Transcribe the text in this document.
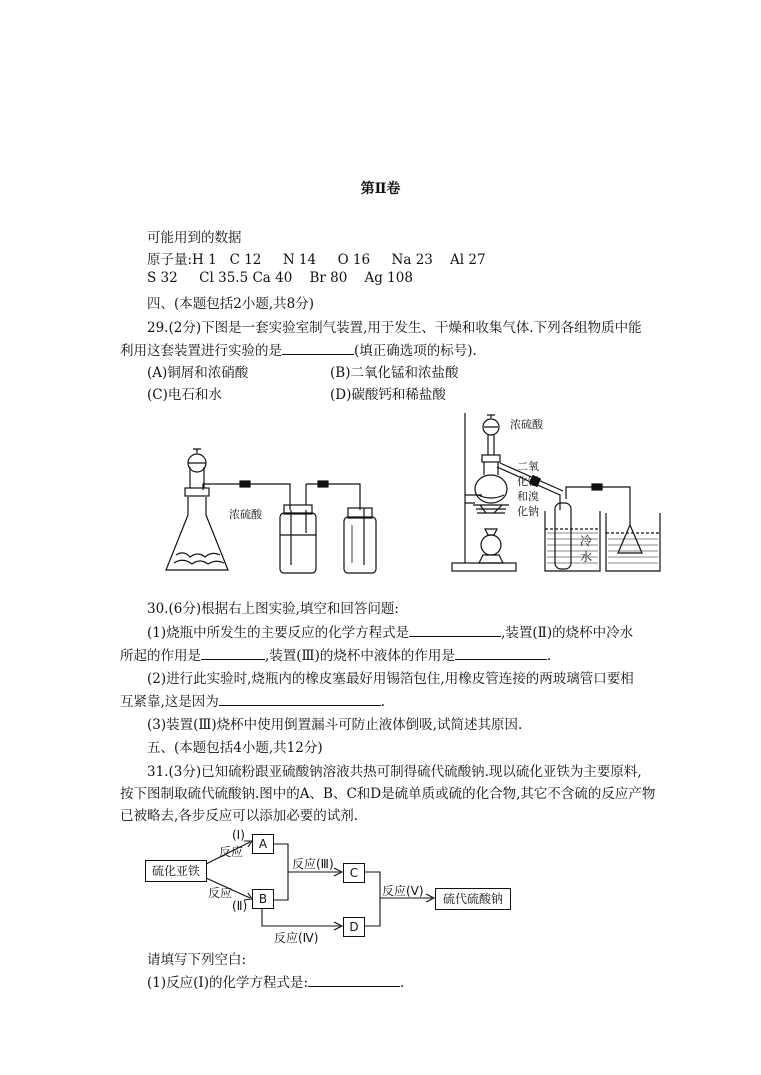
第Ⅱ卷
可能用到的数据
原子量:H 1   C 12     N 14     O 16     Na 23    Al 27
S 32     Cl 35.5 Ca 40    Br 80    Ag 108
四、(本题包括2小题,共8分)
29.(2分)下图是一套实验室制气装置,用于发生、干燥和收集气体.下列各组物质中能
利用这套装置进行实验的是	(填正确选项的标号).
(A)铜屑和浓硝酸	(B)二氧化锰和浓盐酸
(C)电石和水	(D)碳酸钙和稀盐酸
浓硫酸
浓硫酸
二氧
化锰
和溴
化钠
冷
水
30.(6分)根据右上图实验,填空和回答问题:
(1)烧瓶中所发生的主要反应的化学方程式是	,装置(Ⅱ)的烧杯中冷水
所起的作用是	,装置(Ⅲ)的烧杯中液体的作用是	.
(2)进行此实验时,烧瓶内的橡皮塞最好用锡箔包住,用橡皮管连接的两玻璃管口要相
互紧靠,这是因为	.
(3)装置(Ⅲ)烧杯中使用倒置漏斗可防止液体倒吸,试简述其原因.
五、(本题包括4小题,共12分)
31.(3分)已知硫粉跟亚硫酸钠溶液共热可制得硫代硫酸钠.现以硫化亚铁为主要原料,
按下图制取硫代硫酸钠.图中的A、B、C和D是硫单质或硫的化合物,其它不含硫的反应产物
已被略去,各步反应可以添加必要的试剂.
硫化亚铁
A
B
C
D
硫代硫酸钠
(Ⅰ)
反应
反应
(Ⅱ)
反应(Ⅲ)
反应(Ⅳ)
反应(Ⅴ)
请填写下列空白:
(1)反应(Ⅰ)的化学方程式是:	.
